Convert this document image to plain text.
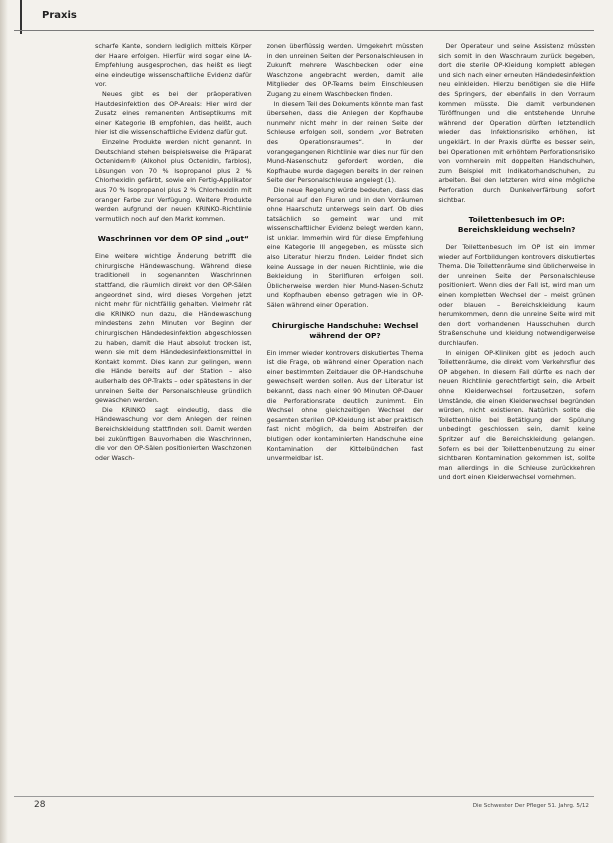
Praxis
scharfe Kante, sondern lediglich mittels Körper der Haare erfolgen. Hierfür wird sogar eine IA-Empfehlung ausgesprochen, das heißt es liegt eine eindeutige wissenschaftliche Evidenz dafür vor.
Neues gibt es bei der präoperativen Hautdesinfektion des OP-Areals: Hier wird der Zusatz eines remanenten Antiseptikums mit einer Kategorie IB empfohlen, das heißt, auch hier ist die wissenschaftliche Evidenz dafür gut.
Einzelne Produkte werden nicht genannt. In Deutschland stehen beispielsweise die Präparat Octenidem® (Alkohol plus Octenidin, farblos), Lösungen von 70 % Isopropanol plus 2 % Chlorhexidin gefärbt, sowie ein Fertig-Applikator aus 70 % Isopropanol plus 2 % Chlorhexidin mit oranger Farbe zur Verfügung. Weitere Produkte werden aufgrund der neuen KRINKO-Richtlinie vermutlich noch auf den Markt kommen.
Waschrinnen vor dem OP sind „out“
Eine weitere wichtige Änderung betrifft die chirurgische Händewaschung. Während diese traditionell in sogenannten Waschrinnen stattfand, die räumlich direkt vor den OP-Sälen angeordnet sind, wird dieses Vorgehen jetzt nicht mehr für nichtfällig gehalten. Vielmehr rät die KRINKO nun dazu, die Händewaschung mindestens zehn Minuten vor Beginn der chirurgischen Händedesinfektion abgeschlossen zu haben, damit die Haut absolut trocken ist, wenn sie mit dem Händedesinfektionsmittel in Kontakt kommt. Dies kann zur gelingen, wenn die Hände bereits auf der Station – also außerhalb des OP-Trakts – oder spätestens in der unreinen Seite der Personalschleuse gründlich gewaschen werden.
Die KRINKO sagt eindeutig, dass die Händewaschung vor dem Anlegen der reinen Bereichskleidung stattfinden soll. Damit werden bei zukünftigen Bauvorhaben die Waschrinnen, die vor den OP-Sälen positionierten Waschzonen oder Wasch-
zonen überflüssig werden. Umgekehrt müssten in den unreinen Seiten der Personalschleusen in Zukunft mehrere Waschbecken oder eine Waschzone angebracht werden, damit alle Mitglieder des OP-Teams beim Einschleusen Zugang zu einem Waschbecken finden.
In diesem Teil des Dokuments könnte man fast übersehen, dass die Anlegen der Kopfhaube nunmehr nicht mehr in der reinen Seite der Schleuse erfolgen soll, sondern „vor Betreten des Operationsraumes“. In der vorangegangenen Richtlinie war dies nur für den Mund-Nasenschutz gefordert worden, die Kopfhaube wurde dagegen bereits in der reinen Seite der Personalschleuse angelegt (1).
Die neue Regelung würde bedeuten, dass das Personal auf den Fluren und in den Vorräumen ohne Haarschutz unterwegs sein darf. Ob dies tatsächlich so gemeint war und mit wissenschaftlicher Evidenz belegt werden kann, ist unklar. Immerhin wird für diese Empfehlung eine Kategorie III angegeben, es müsste sich also Literatur hierzu finden. Leider findet sich keine Aussage in der neuen Richtlinie, wie die Bekleidung in Sterilfluren erfolgen soll. Üblicherweise werden hier Mund-Nasen-Schutz und Kopfhauben ebenso getragen wie in OP-Sälen während einer Operation.
Chirurgische Handschuhe: Wechsel während der OP?
Ein immer wieder kontrovers diskutiertes Thema ist die Frage, ob während einer Operation nach einer bestimmten Zeitdauer die OP-Handschuhe gewechselt werden sollen. Aus der Literatur ist bekannt, dass nach einer 90 Minuten OP-Dauer die Perforationsrate deutlich zunimmt. Ein Wechsel ohne gleichzeitigen Wechsel der gesamten sterilen OP-Kleidung ist aber praktisch fast nicht möglich, da beim Abstreifen der blutigen oder kontaminierten Handschuhe eine Kontamination der Kittelbündchen fast unvermeidbar ist.
Der Operateur und seine Assistenz müssten sich somit in den Waschraum zurück begeben, dort die sterile OP-Kleidung komplett ablegen und sich nach einer erneuten Händedesinfektion neu einkleiden. Hierzu benötigen sie die Hilfe des Springers, der ebenfalls in den Vorraum kommen müsste. Die damit verbundenen Türöffnungen und die entstehende Unruhe während der Operation dürften letztendlich wieder das Infektionsrisiko erhöhen, ist ungeklärt. In der Praxis dürfte es besser sein, bei Operationen mit erhöhtem Perforationsrisiko von vornherein mit doppelten Handschuhen, zum Beispiel mit Indikatorhandschuhen, zu arbeiten. Bei den letzteren wird eine mögliche Perforation durch Dunkelverfärbung sofort sichtbar.
Toilettenbesuch im OP: Bereichskleidung wechseln?
Der Toilettenbesuch im OP ist ein immer wieder auf Fortbildungen kontrovers diskutiertes Thema. Die Toilettenräume sind üblicherweise in der unreinen Seite der Personalschleuse positioniert. Wenn dies der Fall ist, wird man um einen kompletten Wechsel der – meist grünen oder blauen – Bereichskleidung kaum herumkommen, denn die unreine Seite wird mit den dort vorhandenen Hausschuhen durch Straßenschuhe und kleidung notwendigerweise durchlaufen.
In einigen OP-Kliniken gibt es jedoch auch Toilettenräume, die direkt vom Verkehrsflur des OP abgehen. In diesem Fall dürfte es nach der neuen Richtlinie gerechtfertigt sein, die Arbeit ohne Kleiderwechsel fortzusetzen, sofern Umstände, die einen Kleiderwechsel begründen würden, nicht existieren. Natürlich sollte die Toilettenhülle bei Betätigung der Spülung unbedingt geschlossen sein, damit keine Spritzer auf die Bereichskleidung gelangen. Sofern es bei der Toilettenbenutzung zu einer sichtbaren Kontamination gekommen ist, sollte man allerdings in die Schleuse zurückkehren und dort einen Kleiderwechsel vornehmen.
28	Die Schwester Der Pfleger 51. Jahrg. 5/12
